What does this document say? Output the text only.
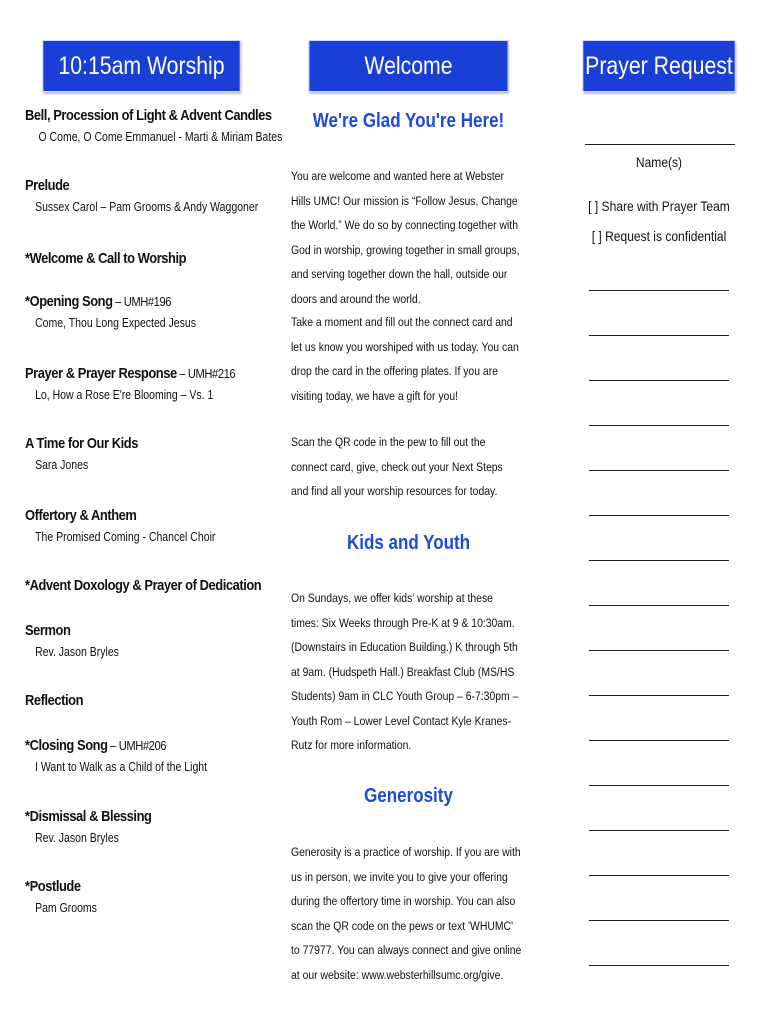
10:15am Worship
Bell, Procession of Light & Advent Candles
O Come, O Come Emmanuel - Marti & Miriam Bates
Prelude
Sussex Carol – Pam Grooms & Andy Waggoner
*Welcome & Call to Worship
*Opening Song – UMH#196
Come, Thou Long Expected Jesus
Prayer & Prayer Response – UMH#216
Lo, How a Rose E're Blooming – Vs. 1
A Time for Our Kids
Sara Jones
Offertory & Anthem
The Promised Coming - Chancel Choir
*Advent Doxology & Prayer of Dedication
Sermon
Rev. Jason Bryles
Reflection
*Closing Song – UMH#206
I Want to Walk as a Child of the Light
*Dismissal & Blessing
Rev. Jason Bryles
*Postlude
Pam Grooms
Welcome
We're Glad You're Here!
You are welcome and wanted here at Webster Hills UMC! Our mission is “Follow Jesus, Change the World.” We do so by connecting together with God in worship, growing together in small groups, and serving together down the hall, outside our doors and around the world.
Take a moment and fill out the connect card and let us know you worshiped with us today. You can drop the card in the offering plates. If you are visiting today, we have a gift for you!
Scan the QR code in the pew to fill out the connect card, give, check out your Next Steps and find all your worship resources for today.
Kids and Youth
On Sundays, we offer kids' worship at these times: Six Weeks through Pre-K at 9 & 10:30am. (Downstairs in Education Building.) K through 5th at 9am. (Hudspeth Hall.) Breakfast Club (MS/HS Students) 9am in CLC Youth Group – 6-7:30pm – Youth Rom – Lower Level Contact Kyle Kranes-Rutz for more information.
Generosity
Generosity is a practice of worship. If you are with us in person, we invite you to give your offering during the offertory time in worship. You can also scan the QR code on the pews or text 'WHUMC' to 77977. You can always connect and give online at our website: www.websterhillsumc.org/give.
Prayer Request
Name(s)
[ ] Share with Prayer Team
[ ] Request is confidential
